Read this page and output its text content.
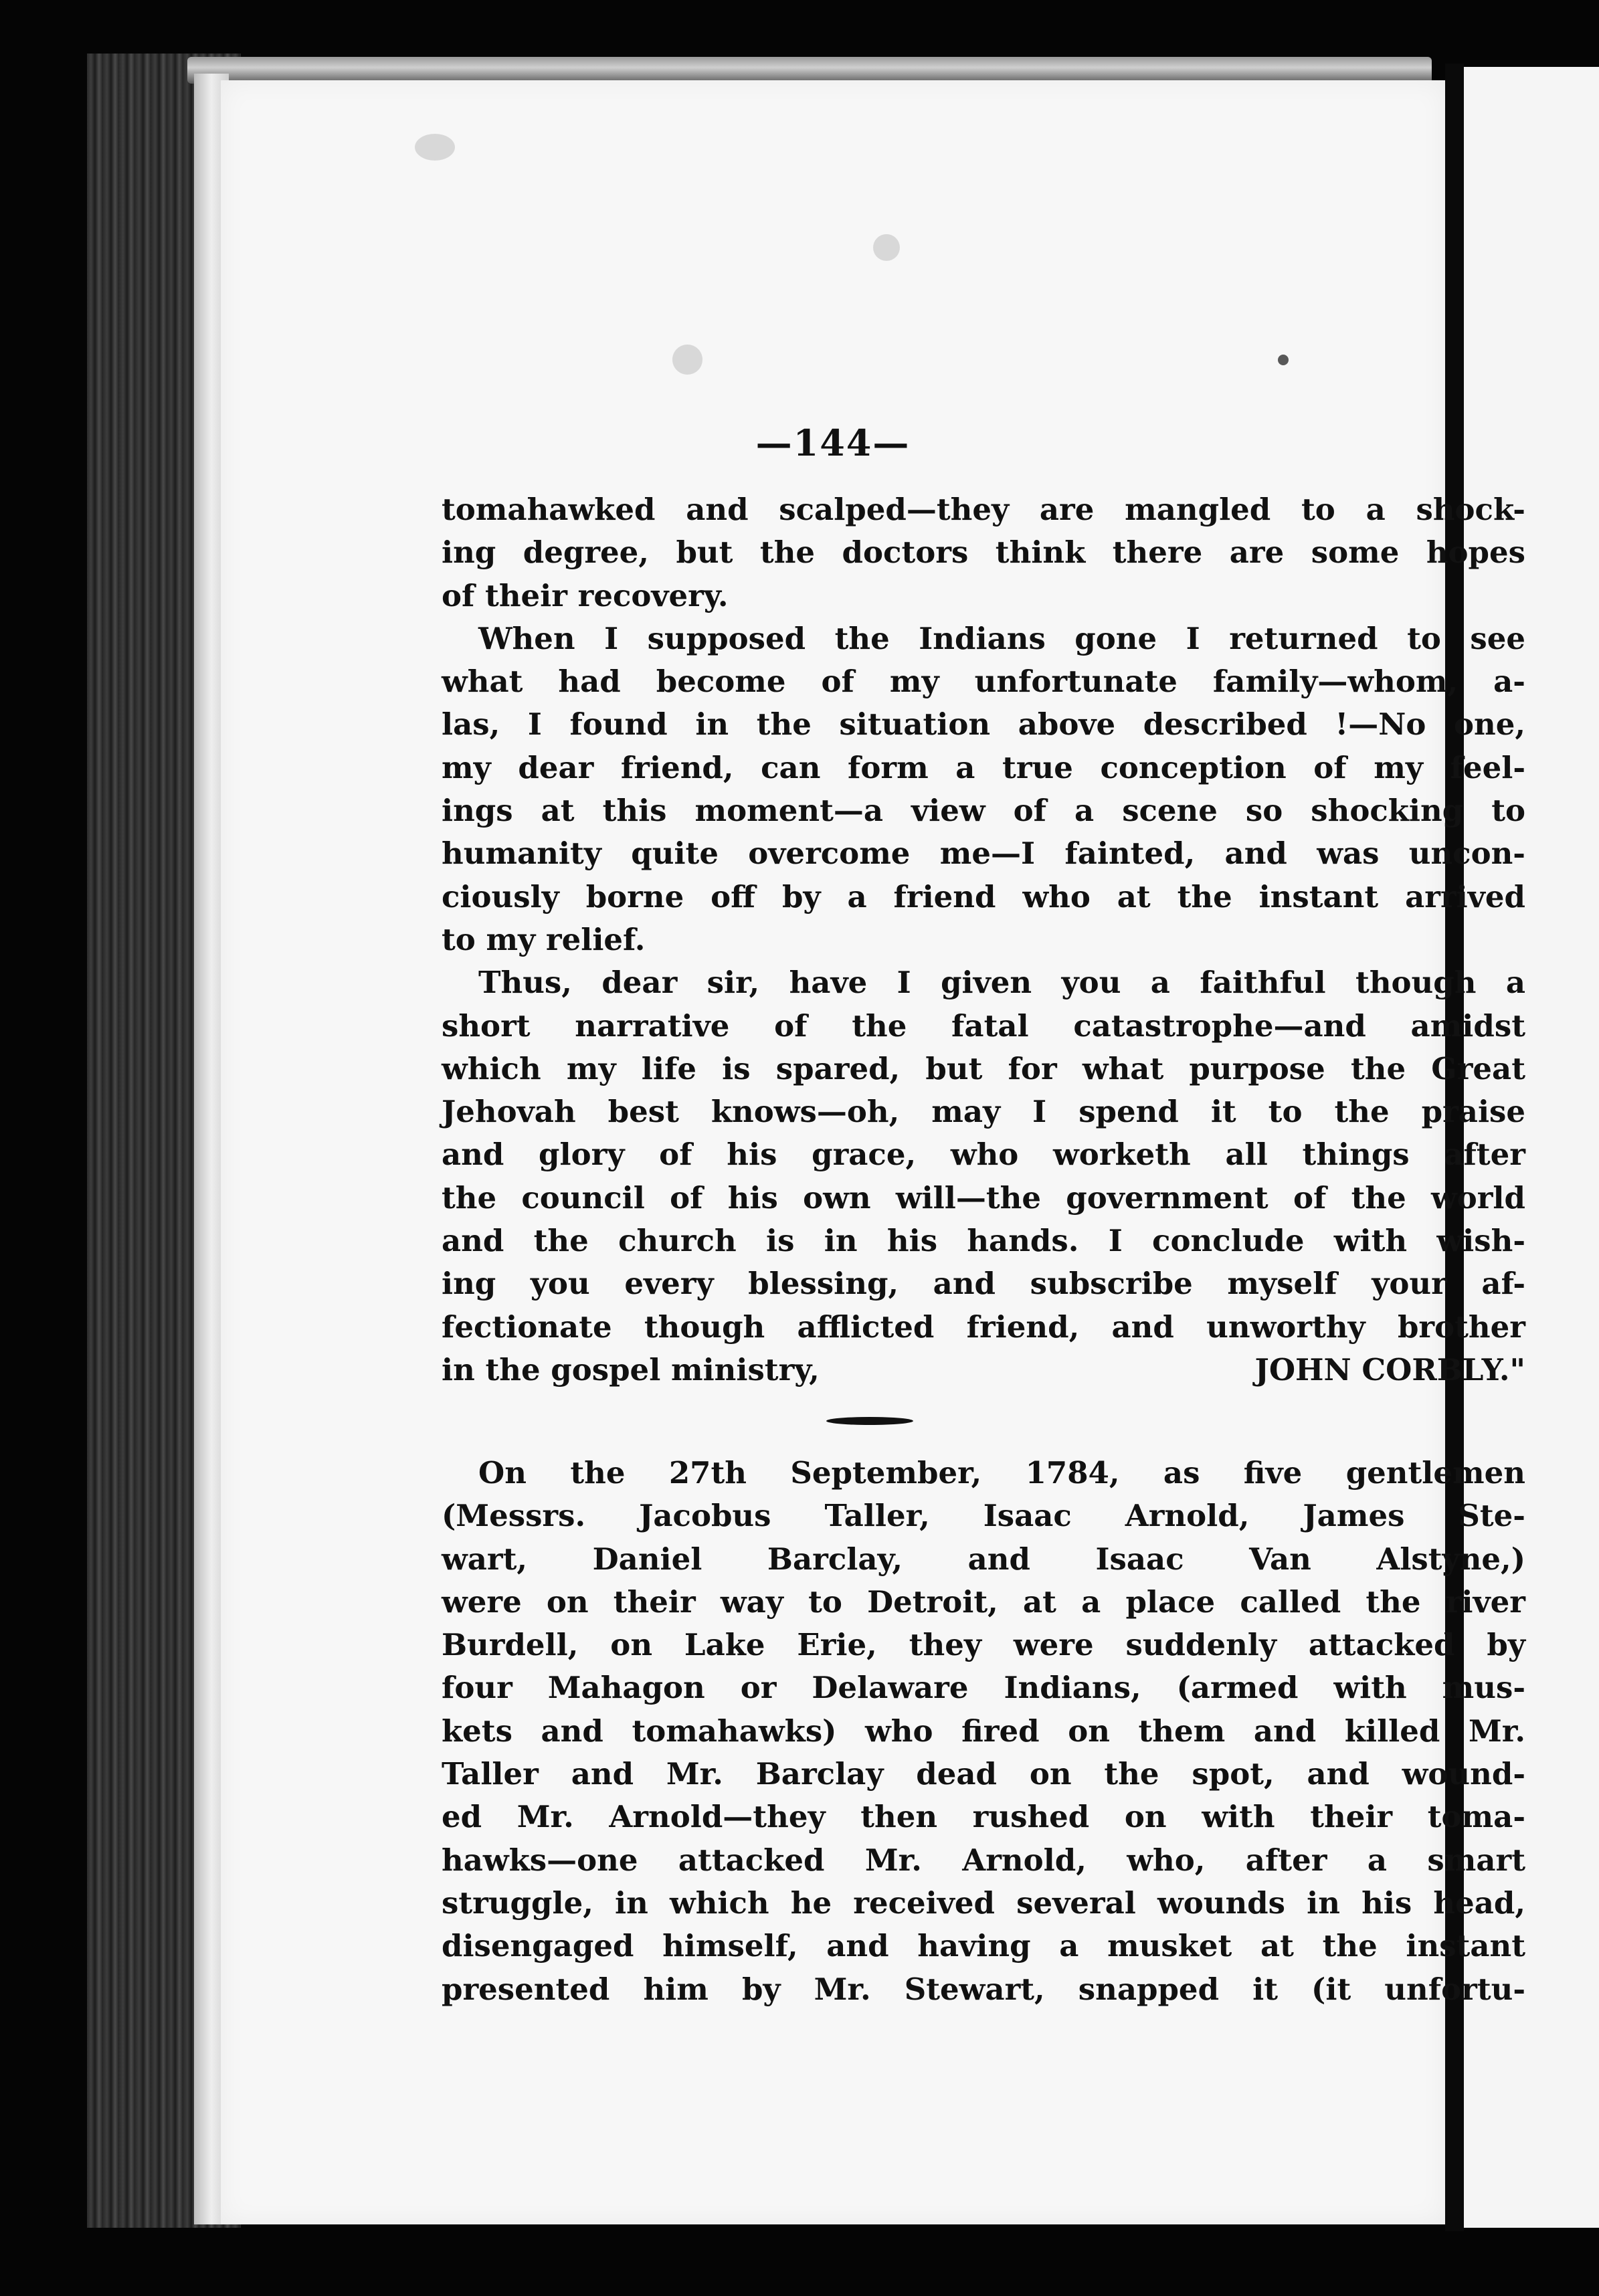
—144—
tomahawked and scalped—they are mangled to a shock-
ing degree, but the doctors think there are some hopes
of their recovery.
When I supposed the Indians gone I returned to see
what had become of my unfortunate family—whom, a-
las, I found in the situation above described !—No one,
my dear friend, can form a true conception of my feel-
ings at this moment—a view of a scene so shocking to
humanity quite overcome me—I fainted, and was uncon-
ciously borne off by a friend who at the instant arrived
to my relief.
Thus, dear sir, have I given you a faithful though a
short narrative of the fatal catastrophe—and amidst
which my life is spared, but for what purpose the Great
Jehovah best knows—oh, may I spend it to the praise
and glory of his grace, who worketh all things after
the council of his own will—the government of the world
and the church is in his hands. I conclude with wish-
ing you every blessing, and subscribe myself your af-
fectionate though afflicted friend, and unworthy brother
in the gospel ministry,	JOHN CORBLY."
On the 27th September, 1784, as five gentlemen
(Messrs. Jacobus Taller, Isaac Arnold, James Ste-
wart, Daniel Barclay, and Isaac Van Alstyne,)
were on their way to Detroit, at a place called the river
Burdell, on Lake Erie, they were suddenly attacked by
four Mahagon or Delaware Indians, (armed with mus-
kets and tomahawks) who fired on them and killed Mr.
Taller and Mr. Barclay dead on the spot, and wound-
ed Mr. Arnold—they then rushed on with their toma-
hawks—one attacked Mr. Arnold, who, after a smart
struggle, in which he received several wounds in his head,
disengaged himself, and having a musket at the instant
presented him by Mr. Stewart, snapped it (it unfortu-
